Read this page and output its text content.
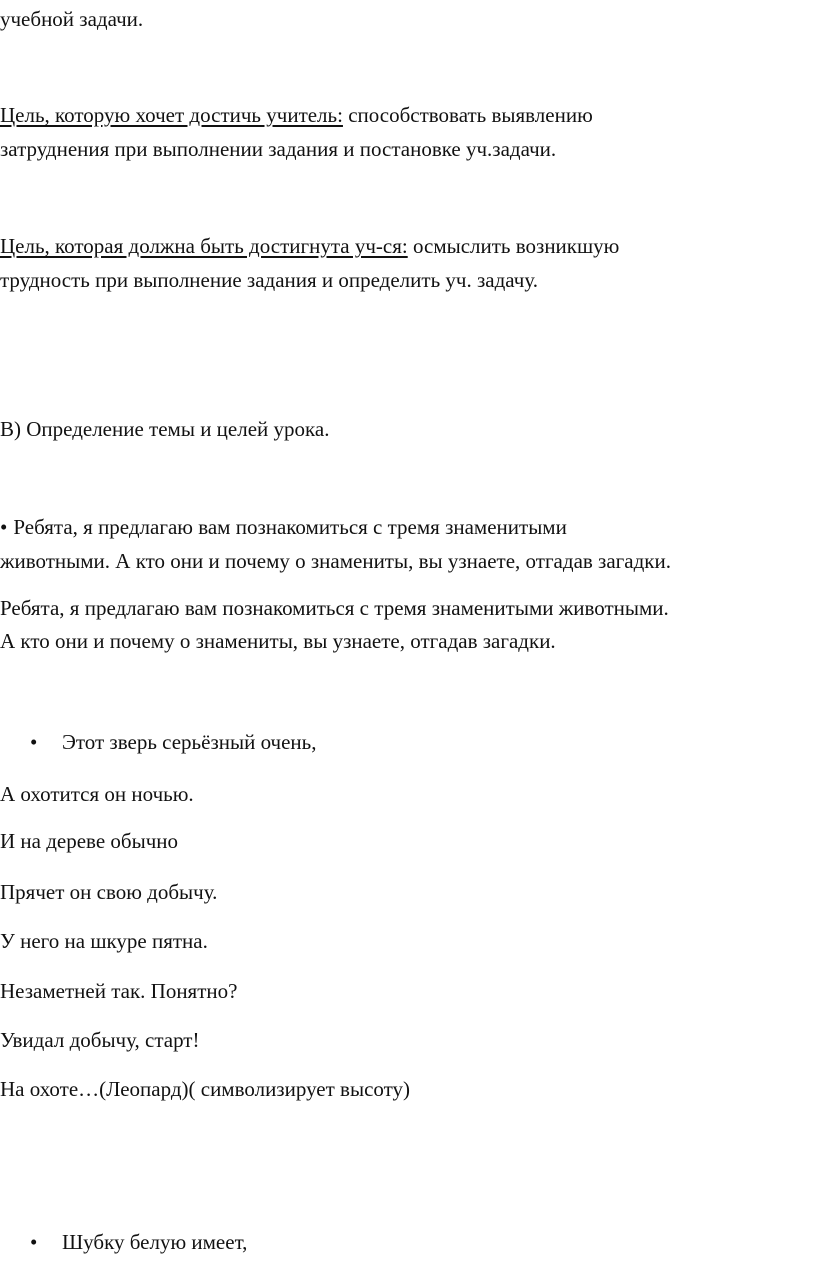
учебной задачи.
Цель, которую хочет достичь учитель: способствовать выявлению
затруднения при выполнении задания и постановке уч.задачи.
Цель, которая должна быть достигнута уч-ся: осмыслить возникшую
трудность при выполнение задания и определить уч. задачу.
В) Определение темы и целей урока.
• Ребята, я предлагаю вам познакомиться с тремя знаменитыми
животными. А кто они и почему о знамениты, вы узнаете, отгадав загадки.
Ребята, я предлагаю вам познакомиться с тремя знаменитыми животными.
А кто они и почему о знамениты, вы узнаете, отгадав загадки.
• Этот зверь серьёзный очень,
А охотится он ночью.
И на дереве обычно
Прячет он свою добычу.
У него на шкуре пятна.
Незаметней так. Понятно?
Увидал добычу, старт!
На охоте…(Леопард)( символизирует высоту)
• Шубку белую имеет,
